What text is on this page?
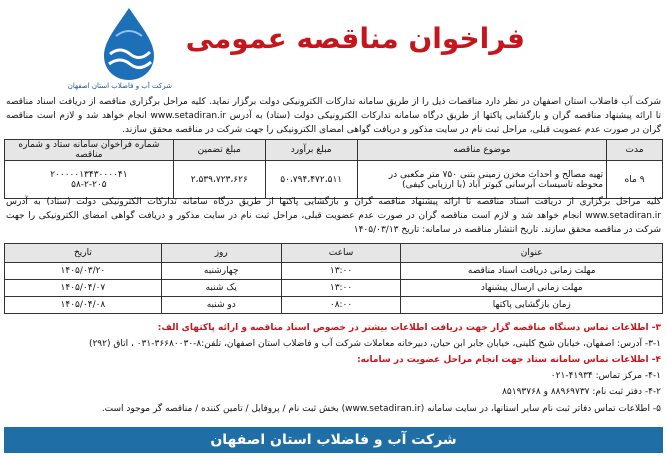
شرکت آب و فاضلاب استان اصفهان
فراخوان مناقصه عمومی
شرکت آب فاضلاب استان اصفهان در نظر دارد مناقصات ذیل را از طریق سامانه تدارکات الکترونیکی دولت برگزار نماید. کلیه مراحل برگزاری مناقصه از دریافت اسناد مناقصه تا ارائه پیشنهاد مناقصه گران و بازگشایی پاکتها از طریق درگاه سامانه تدارکات الکترونیکی دولت (ستاد) به آدرس www.setadiran.ir انجام خواهد شد و لازم است مناقصه گران در صورت عدم عضویت قبلی، مراحل ثبت نام در سایت مذکور و دریافت گواهی امضای الکترونیکی را جهت شرکت در مناقصه محقق سازند.
مدت	موضوع مناقصه	مبلغ برآورد	مبلغ تضمین	شماره فراخوان سامانه ستاد و شماره مناقصه
۹ ماه	تهیه مصالح و احداث مخزن زمینی بتنی ۷۵۰ متر مکعبی در محوطه تاسیسات آبرسانی کبوتر آباد (با ارزیابی کیفی)	۵۰،۷۹۴،۴۷۲،۵۱۱	۲،۵۳۹،۷۲۳،۶۲۶	۲۰۰۰۰۰۱۳۴۳۰۰۰۰۴۱
۵۸-۲-۲۰۵
کلیه مراحل برگزاری از دریافت اسناد مناقصه تا ارائه پیشنهاد مناقصه گران و بازگشایی پاکتها از طریق درگاه سامانه تدارکات الکترونیکی دولت (ستاد) به آدرس www.setadiran.ir انجام خواهد شد و لازم است مناقصه گران در صورت عدم عضویت قبلی، مراحل ثبت نام در سایت مذکور و دریافت گواهی امضای الکترونیکی را جهت شرکت در مناقصه محقق سازند. تاریخ انتشار مناقصه در سامانه: تاریخ ۱۴۰۵/۰۳/۱۳
عنوان	ساعت	روز	تاریخ
مهلت زمانی دریافت اسناد مناقصه	۱۳:۰۰	چهارشنبه	۱۴۰۵/۰۳/۲۰
مهلت زمانی ارسال پیشنهاد	۱۳:۰۰	یک شنبه	۱۴۰۵/۰۴/۰۷
زمان بازگشایی پاکتها	۰۸:۰۰	دو شنبه	۱۴۰۵/۰۴/۰۸
۳- اطلاعات تماس دستگاه مناقصه گزار جهت دریافت اطلاعات بیشتر در خصوص اسناد مناقصه و ارائه پاکتهای الف:
۳-۱- آدرس: اصفهان، خیابان شیخ کلینی، خیابان جابر ابن حیان، دبیرخانه معاملات شرکت آب و فاضلاب استان اصفهان، تلفن:۸-۳۶۶۸۰۰۳۰-۰۳۱ ، اتاق (۲۹۲)
۴- اطلاعات تماس سامانه ستاد جهت انجام مراحل عضویت در سامانه:
۴-۱- مرکز تماس: ۴۱۹۳۴-۰۲۱
۴-۲- دفتر ثبت نام: ۸۸۹۶۹۷۳۷ و ۸۵۱۹۳۷۶۸
۵- اطلاعات تماس دفاتر ثبت نام سایر استانها، در سایت سامانه (www.setadiran.ir) بخش ثبت نام / پروفایل / تامین کننده / مناقصه گر موجود است.
شرکت آب و فاضلاب استان اصفهان
